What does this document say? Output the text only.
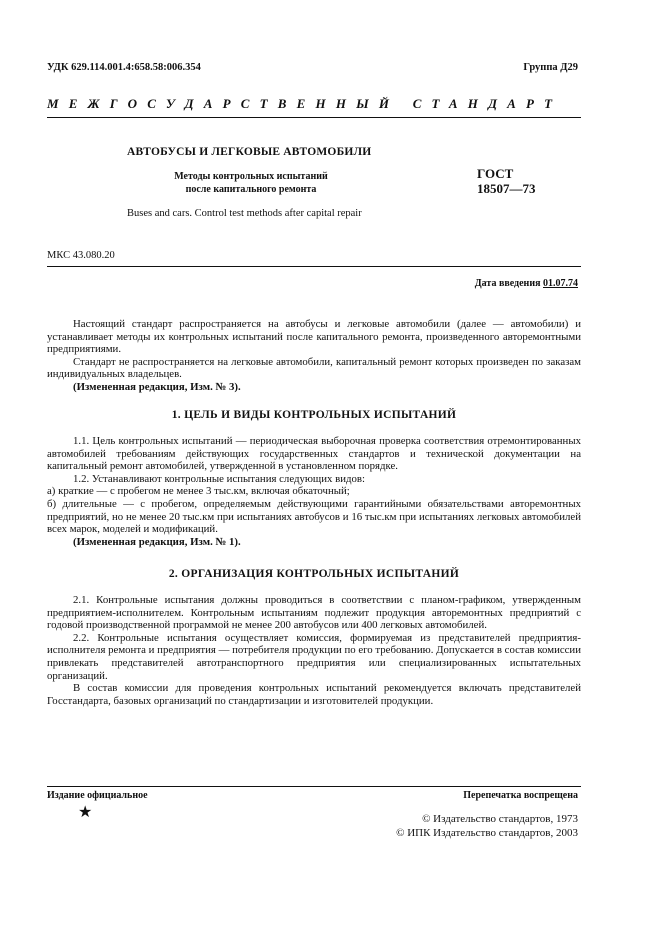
УДК 629.114.001.4:658.58:006.354	Группа Д29
МЕЖГОСУДАРСТВЕННЫЙ СТАНДАРТ
АВТОБУСЫ И ЛЕГКОВЫЕ АВТОМОБИЛИ
Методы контрольных испытаний
после капитального ремонта
ГОСТ
18507—73
Buses and cars. Control test methods after capital repair
МКС 43.080.20
Дата введения 01.07.74

Настоящий стандарт распространяется на автобусы и легковые автомобили (далее — автомобили) и устанавливает методы их контрольных испытаний после капитального ремонта, произведенного авторемонтными предприятиями.

Стандарт не распространяется на легковые автомобили, капитальный ремонт которых произведен по заказам индивидуальных владельцев.

(Измененная редакция, Изм. № 3).

1. ЦЕЛЬ И ВИДЫ КОНТРОЛЬНЫХ ИСПЫТАНИЙ

1.1. Цель контрольных испытаний — периодическая выборочная проверка соответствия отремонтированных автомобилей требованиям действующих государственных стандартов и технической документации на капитальный ремонт автомобилей, утвержденной в установленном порядке.

1.2. Устанавливают контрольные испытания следующих видов:

а) краткие — с пробегом не менее 3 тыс.км, включая обкаточный;

б) длительные — с пробегом, определяемым действующими гарантийными обязательствами авторемонтных предприятий, но не менее 20 тыс.км при испытаниях автобусов и 16 тыс.км при испытаниях легковых автомобилей всех марок, моделей и модификаций.

(Измененная редакция, Изм. № 1).

2. ОРГАНИЗАЦИЯ КОНТРОЛЬНЫХ ИСПЫТАНИЙ

2.1. Контрольные испытания должны проводиться в соответствии с планом-графиком, утвержденным предприятием-исполнителем. Контрольным испытаниям подлежит продукция авторемонтных предприятий с годовой производственной программой не менее 200 автобусов или 400 легковых автомобилей.

2.2. Контрольные испытания осуществляет комиссия, формируемая из представителей предприятия-исполнителя ремонта и предприятия — потребителя продукции по его требованию. Допускается в состав комиссии привлекать представителей автотранспортного предприятия или специализированных испытательных организаций.

В состав комиссии для проведения контрольных испытаний рекомендуется включать представителей Госстандарта, базовых организаций по стандартизации и изготовителей продукции.

Издание официальное	Перепечатка воспрещена
★	© Издательство стандартов, 1973
© ИПК Издательство стандартов, 2003
